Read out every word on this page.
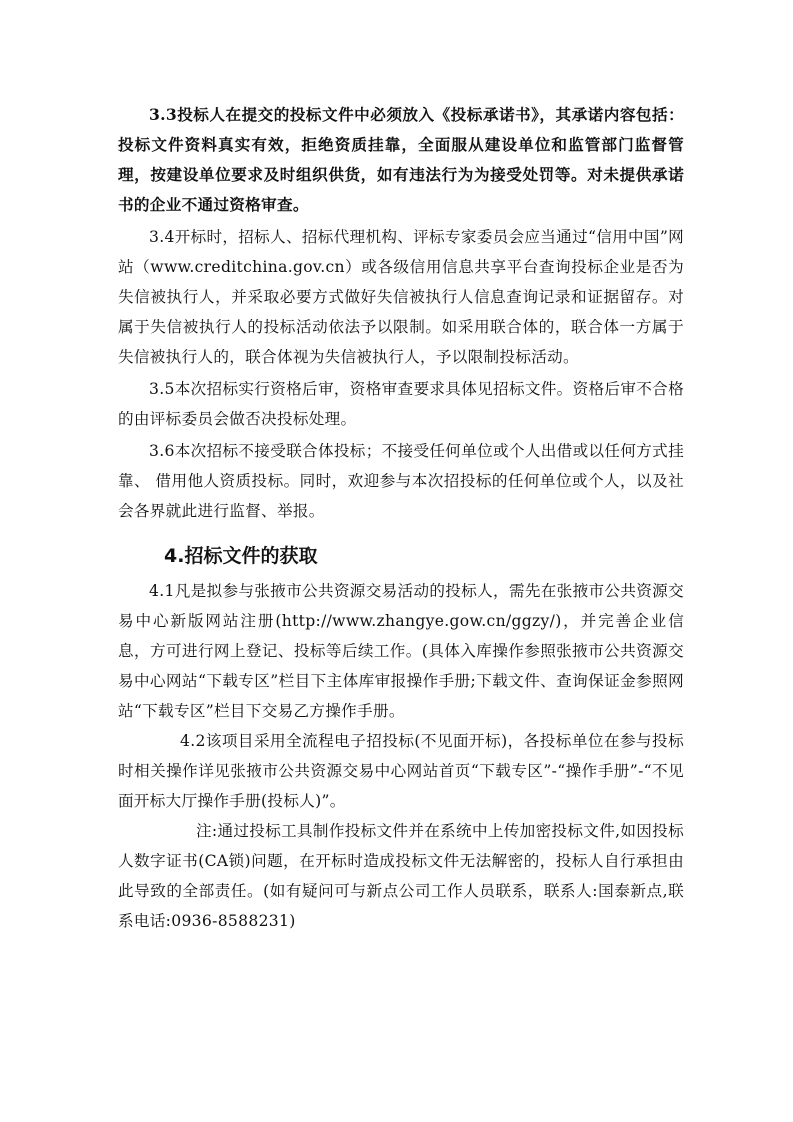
3.3投标人在提交的投标文件中必须放入《投标承诺书》，其承诺内容包括：投标文件资料真实有效，拒绝资质挂靠，全面服从建设单位和监管部门监督管理，按建设单位要求及时组织供货，如有违法行为为接受处罚等。对未提供承诺书的企业不通过资格审查。

3.4开标时，招标人、招标代理机构、评标专家委员会应当通过“信用中国”网站（www.creditchina.gov.cn）或各级信用信息共享平台查询投标企业是否为失信被执行人，并采取必要方式做好失信被执行人信息查询记录和证据留存。对属于失信被执行人的投标活动依法予以限制。如采用联合体的，联合体一方属于失信被执行人的，联合体视为失信被执行人，予以限制投标活动。

3.5本次招标实行资格后审，资格审查要求具体见招标文件。资格后审不合格的由评标委员会做否决投标处理。

3.6本次招标不接受联合体投标；不接受任何单位或个人出借或以任何方式挂靠、 借用他人资质投标。同时，欢迎参与本次招投标的任何单位或个人，以及社会各界就此进行监督、举报。

4.招标文件的获取

4.1凡是拟参与张掖市公共资源交易活动的投标人，需先在张掖市公共资源交易中心新版网站注册(http://www.zhangye.gow.cn/ggzy/)，并完善企业信息，方可进行网上登记、投标等后续工作。(具体入库操作参照张掖市公共资源交易中心网站“下载专区”栏目下主体库审报操作手册;下载文件、查询保证金参照网站“下载专区”栏目下交易乙方操作手册。

4.2该项目采用全流程电子招投标(不见面开标)，各投标单位在参与投标时相关操作详见张掖市公共资源交易中心网站首页“下载专区”-“操作手册”-“不见面开标大厅操作手册(投标人)”。

注:通过投标工具制作投标文件并在系统中上传加密投标文件,如因投标人数字证书(CA锁)问题，在开标时造成投标文件无法解密的，投标人自行承担由此导致的全部责任。(如有疑问可与新点公司工作人员联系，联系人:国泰新点,联系电话:0936-8588231)
